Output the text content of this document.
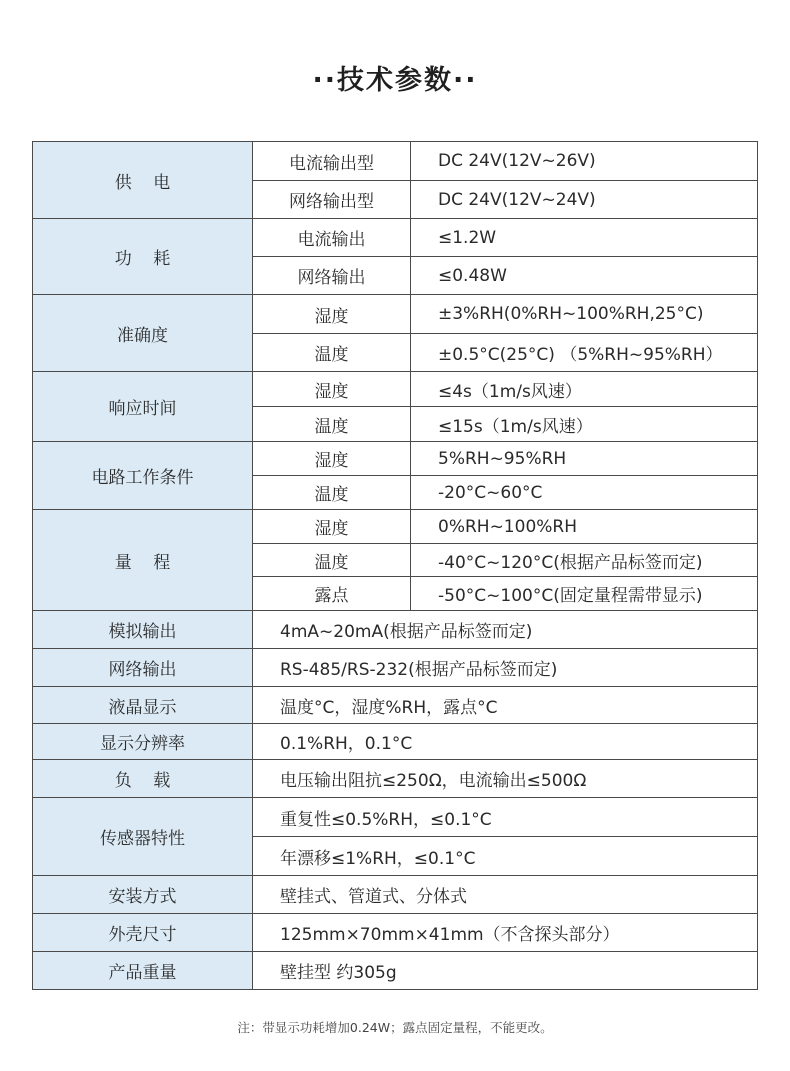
··技术参数··
供    电	电流输出型	DC 24V(12V~26V)
	网络输出型	DC 24V(12V~24V)
功    耗	电流输出	≤1.2W
	网络输出	≤0.48W
准确度	湿度	±3%RH(0%RH~100%RH,25°C)
	温度	±0.5°C(25°C) （5%RH~95%RH）
响应时间	湿度	≤4s（1m/s风速）
	温度	≤15s（1m/s风速）
电路工作条件	湿度	5%RH~95%RH
	温度	-20°C~60°C
量    程	湿度	0%RH~100%RH
	温度	-40°C~120°C(根据产品标签而定)
	露点	-50°C~100°C(固定量程需带显示)
模拟输出	4mA~20mA(根据产品标签而定)	
网络输出	RS-485/RS-232(根据产品标签而定)	
液晶显示	温度°C，湿度%RH，露点°C	
显示分辨率	0.1%RH，0.1°C	
负    载	电压输出阻抗≤250Ω，电流输出≤500Ω	
传感器特性	重复性≤0.5%RH，≤0.1°C	
	年漂移≤1%RH，≤0.1°C	
安装方式	壁挂式、管道式、分体式	
外壳尺寸	125mm×70mm×41mm（不含探头部分）	
产品重量	壁挂型 约305g	
注：带显示功耗增加0.24W；露点固定量程，不能更改。
